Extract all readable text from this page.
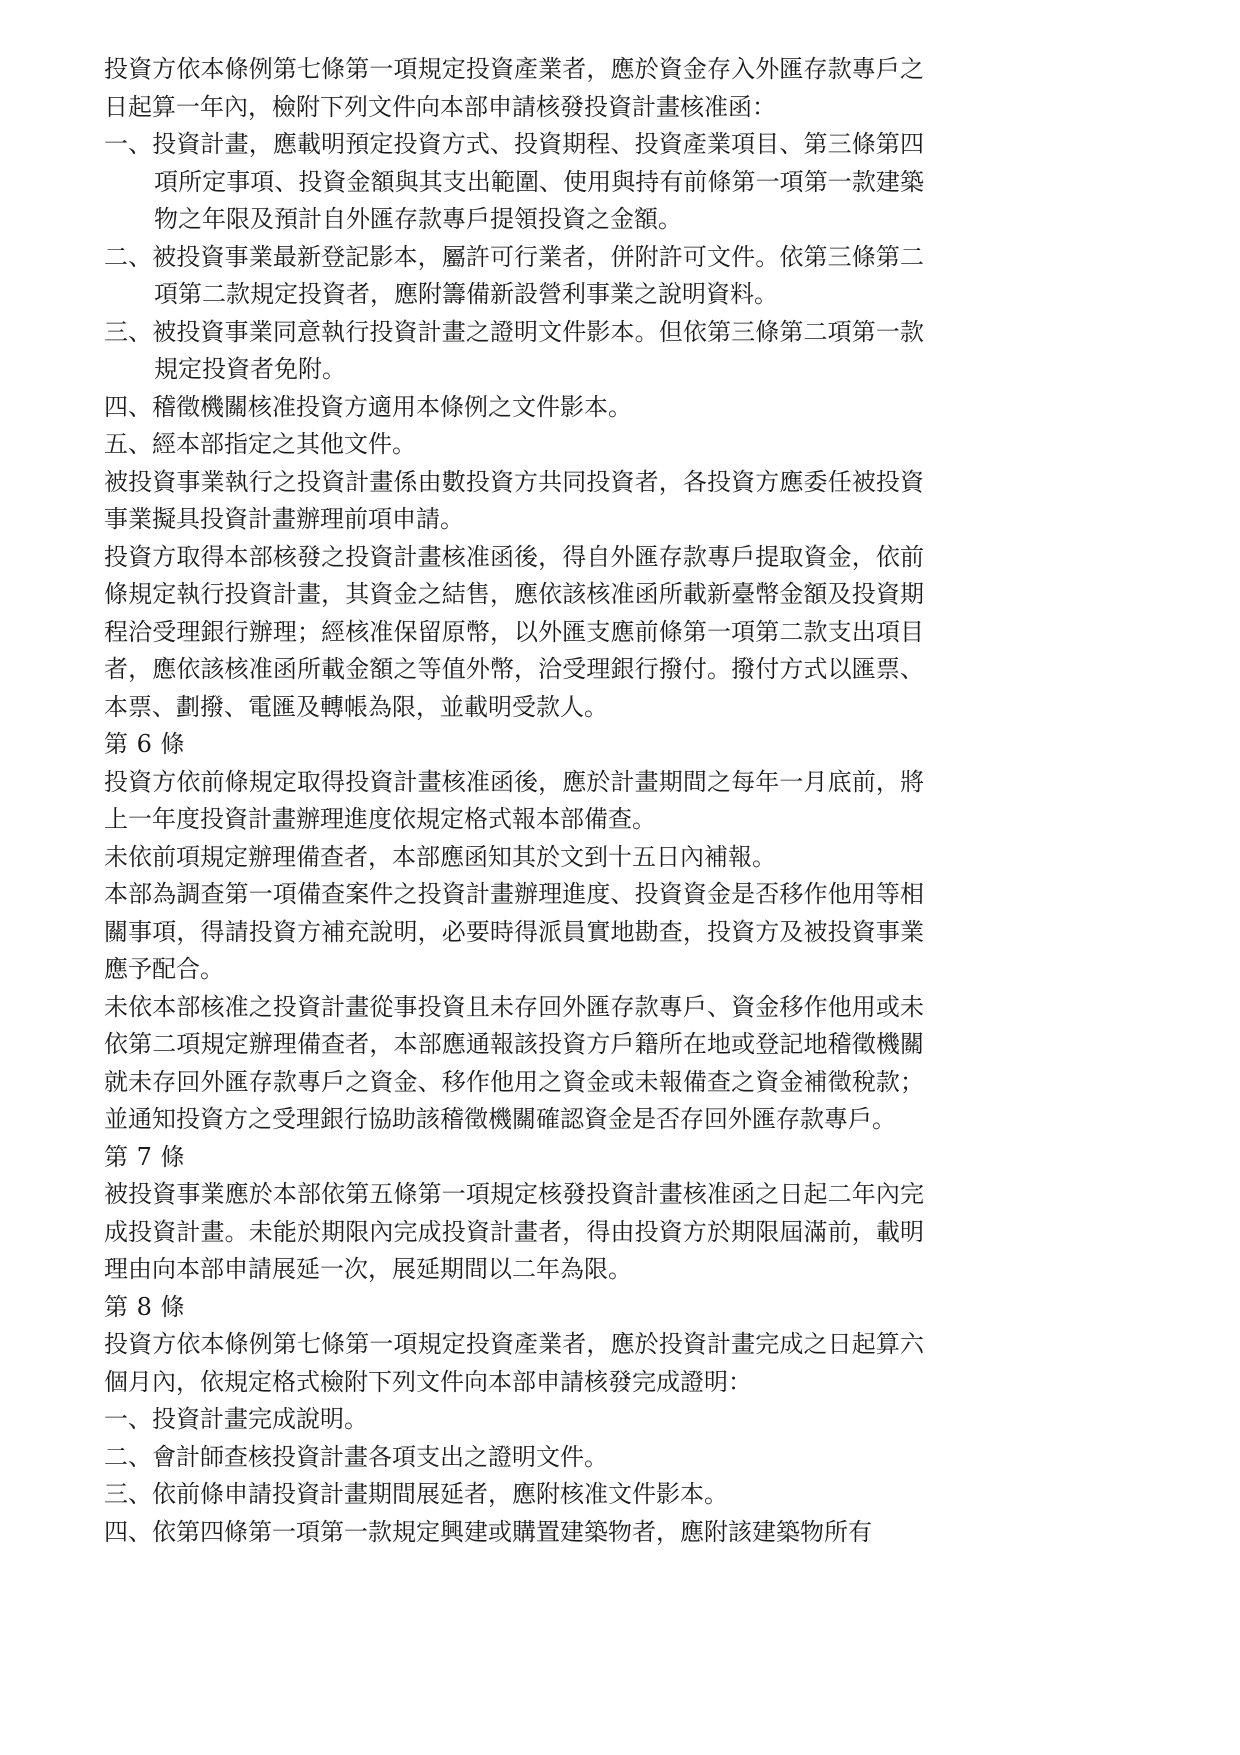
投資方依本條例第七條第一項規定投資產業者，應於資金存入外匯存款專戶之日起算一年內，檢附下列文件向本部申請核發投資計畫核准函：

一、投資計畫，應載明預定投資方式、投資期程、投資產業項目、第三條第四項所定事項、投資金額與其支出範圍、使用與持有前條第一項第一款建築物之年限及預計自外匯存款專戶提領投資之金額。

二、被投資事業最新登記影本，屬許可行業者，併附許可文件。依第三條第二項第二款規定投資者，應附籌備新設營利事業之說明資料。

三、被投資事業同意執行投資計畫之證明文件影本。但依第三條第二項第一款規定投資者免附。

四、稽徵機關核准投資方適用本條例之文件影本。

五、經本部指定之其他文件。

被投資事業執行之投資計畫係由數投資方共同投資者，各投資方應委任被投資事業擬具投資計畫辦理前項申請。

投資方取得本部核發之投資計畫核准函後，得自外匯存款專戶提取資金，依前條規定執行投資計畫，其資金之結售，應依該核准函所載新臺幣金額及投資期程洽受理銀行辦理；經核准保留原幣，以外匯支應前條第一項第二款支出項目者，應依該核准函所載金額之等值外幣，洽受理銀行撥付。撥付方式以匯票、本票、劃撥、電匯及轉帳為限，並載明受款人。

第 6 條

投資方依前條規定取得投資計畫核准函後，應於計畫期間之每年一月底前，將上一年度投資計畫辦理進度依規定格式報本部備查。

未依前項規定辦理備查者，本部應函知其於文到十五日內補報。

本部為調查第一項備查案件之投資計畫辦理進度、投資資金是否移作他用等相關事項，得請投資方補充說明，必要時得派員實地勘查，投資方及被投資事業應予配合。

未依本部核准之投資計畫從事投資且未存回外匯存款專戶、資金移作他用或未依第二項規定辦理備查者，本部應通報該投資方戶籍所在地或登記地稽徵機關就未存回外匯存款專戶之資金、移作他用之資金或未報備查之資金補徵稅款；並通知投資方之受理銀行協助該稽徵機關確認資金是否存回外匯存款專戶。

第 7 條

被投資事業應於本部依第五條第一項規定核發投資計畫核准函之日起二年內完成投資計畫。未能於期限內完成投資計畫者，得由投資方於期限屆滿前，載明理由向本部申請展延一次，展延期間以二年為限。

第 8 條

投資方依本條例第七條第一項規定投資產業者，應於投資計畫完成之日起算六個月內，依規定格式檢附下列文件向本部申請核發完成證明：

一、投資計畫完成說明。

二、會計師查核投資計畫各項支出之證明文件。

三、依前條申請投資計畫期間展延者，應附核准文件影本。

四、依第四條第一項第一款規定興建或購置建築物者，應附該建築物所有
